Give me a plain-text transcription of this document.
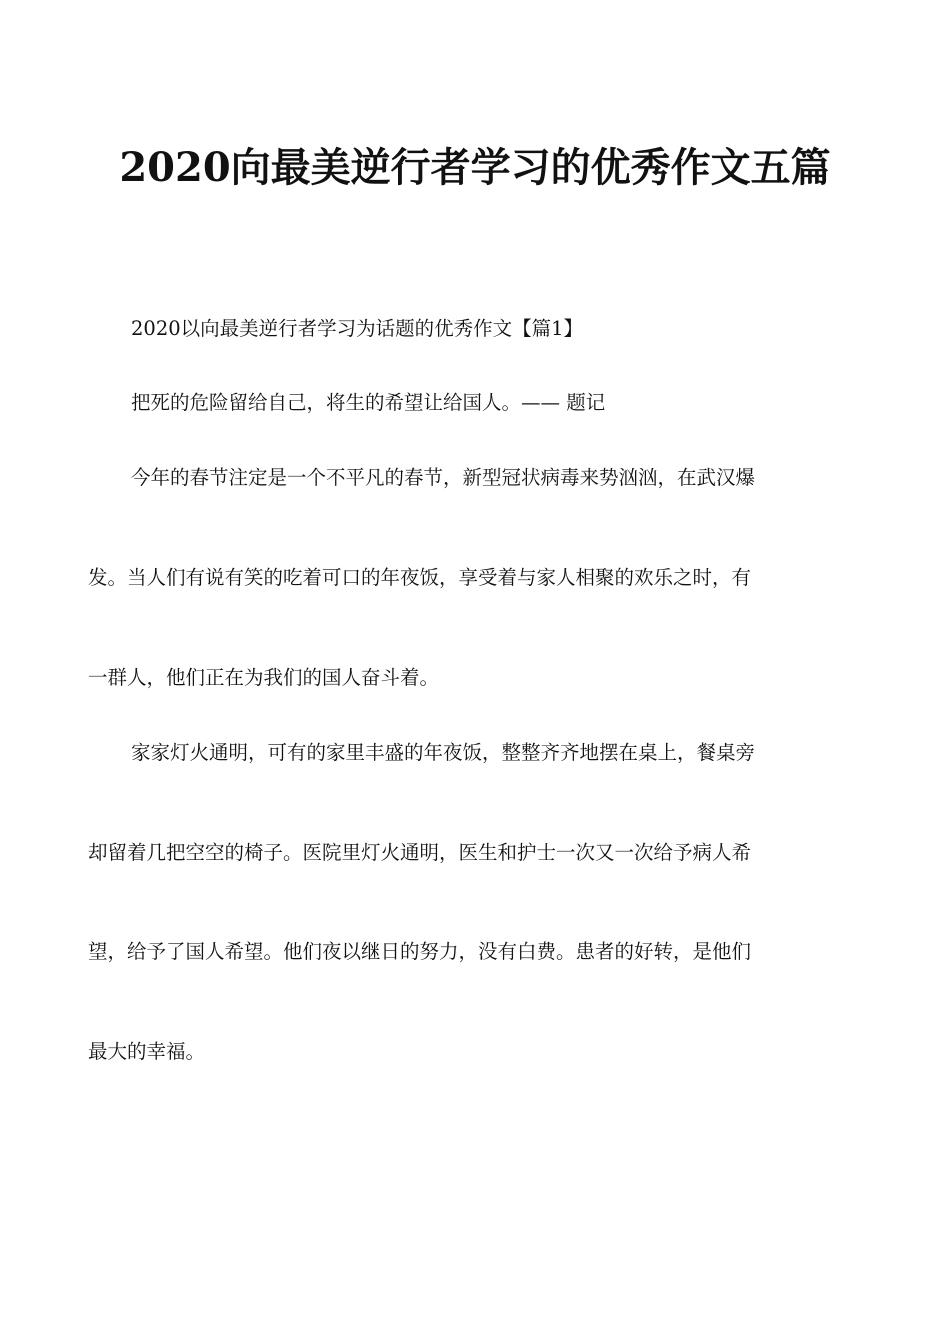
2020向最美逆行者学习的优秀作文五篇

2020以向最美逆行者学习为话题的优秀作文【篇1】

把死的危险留给自己，将生的希望让给国人。—— 题记

今年的春节注定是一个不平凡的春节，新型冠状病毒来势汹汹，在武汉爆

发。当人们有说有笑的吃着可口的年夜饭，享受着与家人相聚的欢乐之时，有

一群人，他们正在为我们的国人奋斗着。

家家灯火通明，可有的家里丰盛的年夜饭，整整齐齐地摆在桌上，餐桌旁

却留着几把空空的椅子。医院里灯火通明，医生和护士一次又一次给予病人希

望，给予了国人希望。他们夜以继日的努力，没有白费。患者的好转，是他们

最大的幸福。
